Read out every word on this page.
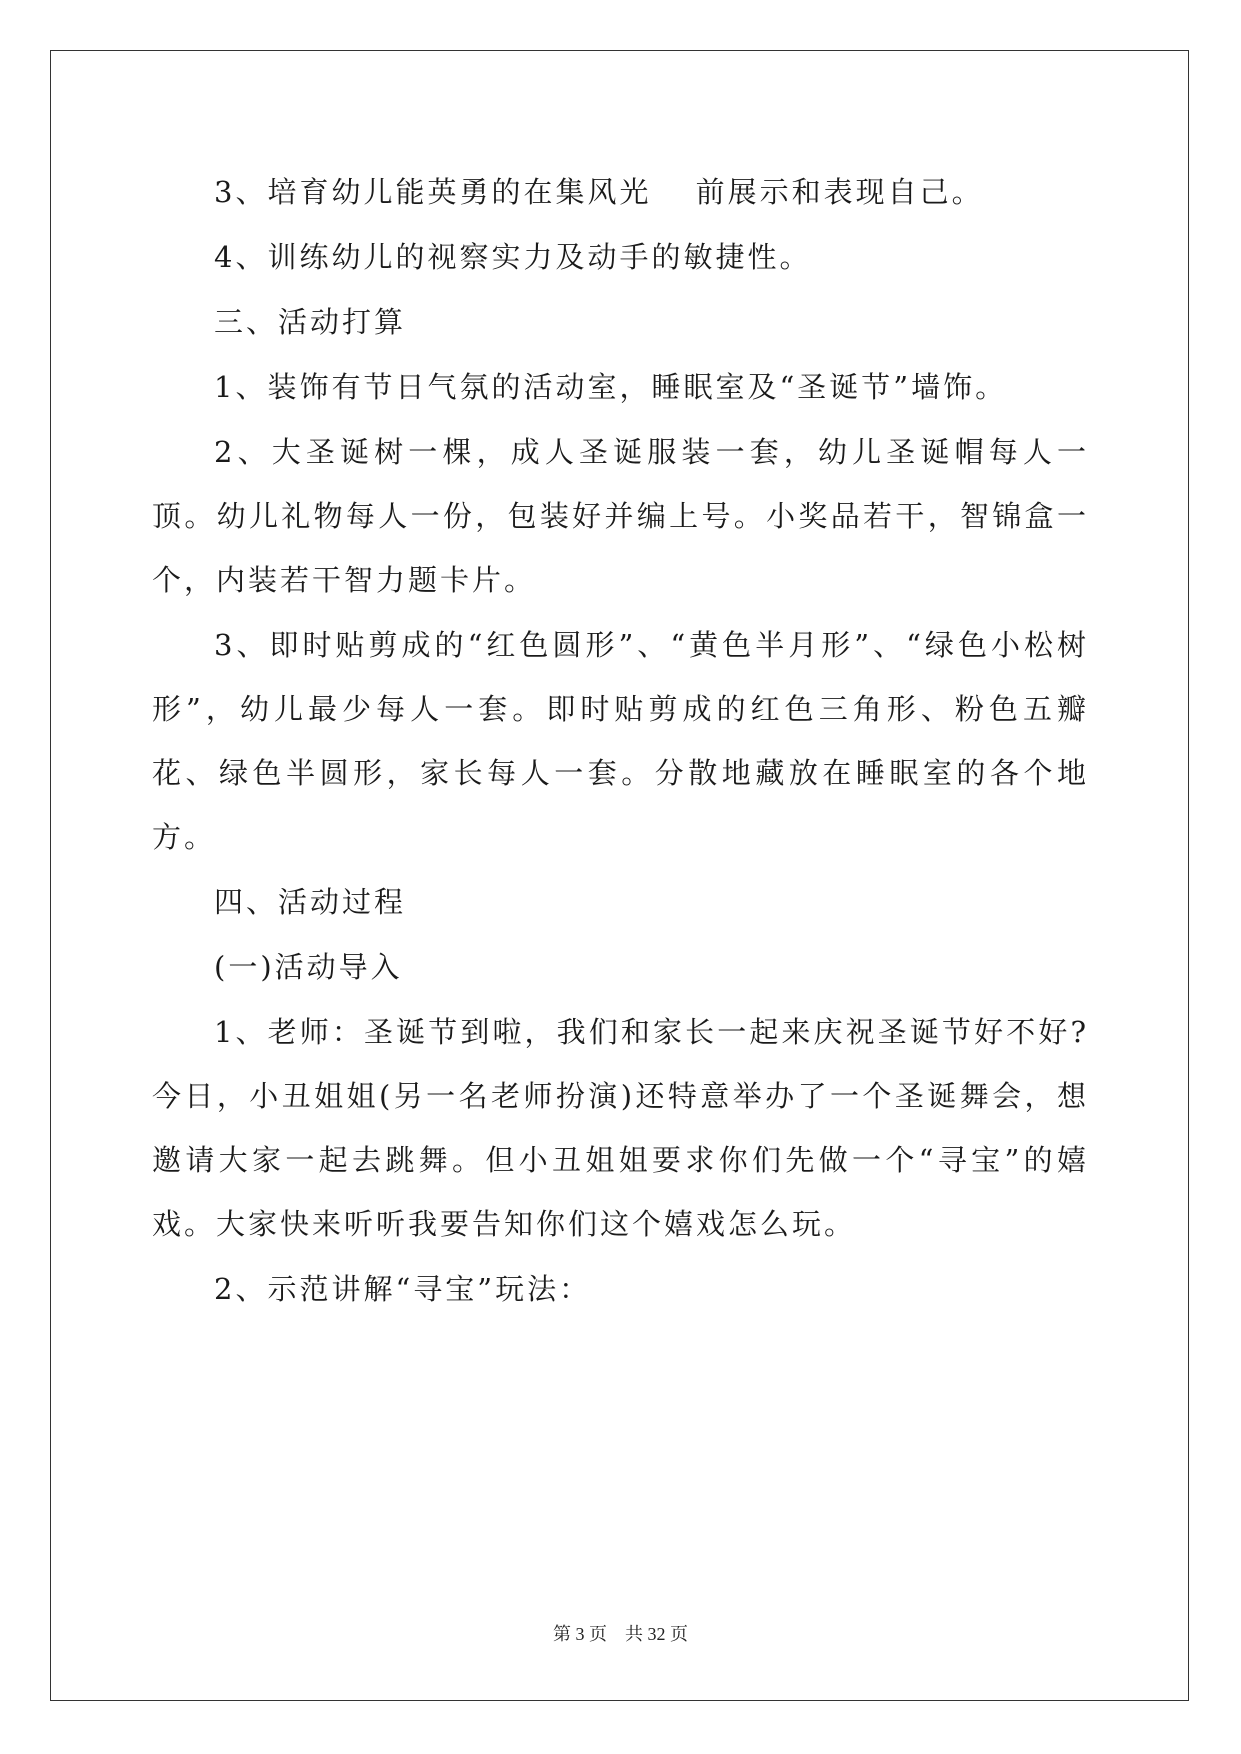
3、培育幼儿能英勇的在集风光　 前展示和表现自己。

4、训练幼儿的视察实力及动手的敏捷性。

三、活动打算

1、装饰有节日气氛的活动室，睡眠室及“圣诞节”墙饰。

2、大圣诞树一棵，成人圣诞服装一套，幼儿圣诞帽每人一顶。幼儿礼物每人一份，包装好并编上号。小奖品若干，智锦盒一个，内装若干智力题卡片。

3、即时贴剪成的“红色圆形”、“黄色半月形”、“绿色小松树形”，幼儿最少每人一套。即时贴剪成的红色三角形、粉色五瓣花、绿色半圆形，家长每人一套。分散地藏放在睡眠室的各个地方。

四、活动过程

(一)活动导入

1、老师：圣诞节到啦，我们和家长一起来庆祝圣诞节好不好?今日，小丑姐姐(另一名老师扮演)还特意举办了一个圣诞舞会，想邀请大家一起去跳舞。但小丑姐姐要求你们先做一个“寻宝”的嬉戏。大家快来听听我要告知你们这个嬉戏怎么玩。

2、示范讲解“寻宝”玩法：

第 3 页　共 32 页
